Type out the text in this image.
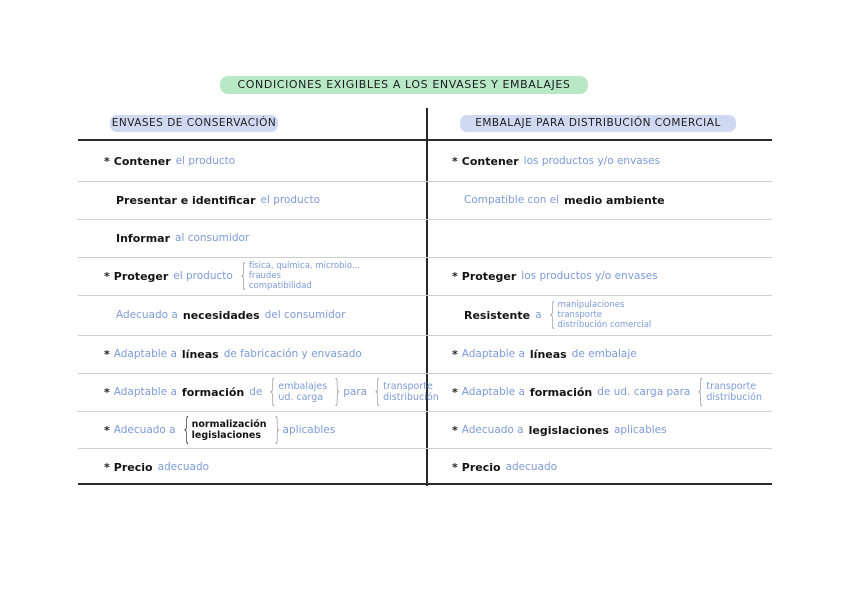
CONDICIONES EXIGIBLES A LOS ENVASES Y EMBALAJES
ENVASES DE CONSERVACIÓN	EMBALAJE PARA DISTRIBUCIÓN COMERCIAL
* Contener el producto
Presentar e identificar el producto
Informar al consumidor
* Proteger el producto { física, química, microbio...
fraudes
compatibilidad
Adecuado a necesidades del consumidor
* Adaptable a líneas de fabricación y envasado
* Adaptable a formación de { embalajes
ud. carga } para { transporte
distribución
* Adecuado a { normalización
legislaciones } aplicables
* Precio adecuado
* Contener los productos y/o envases
Compatible con el medio ambiente
* Proteger los productos y/o envases
Resistente a { manipulaciones
transporte
distribución comercial
* Adaptable a líneas de embalaje
* Adaptable a formación de ud. carga para { transporte
distribución
* Adecuado a legislaciones aplicables
* Precio adecuado
